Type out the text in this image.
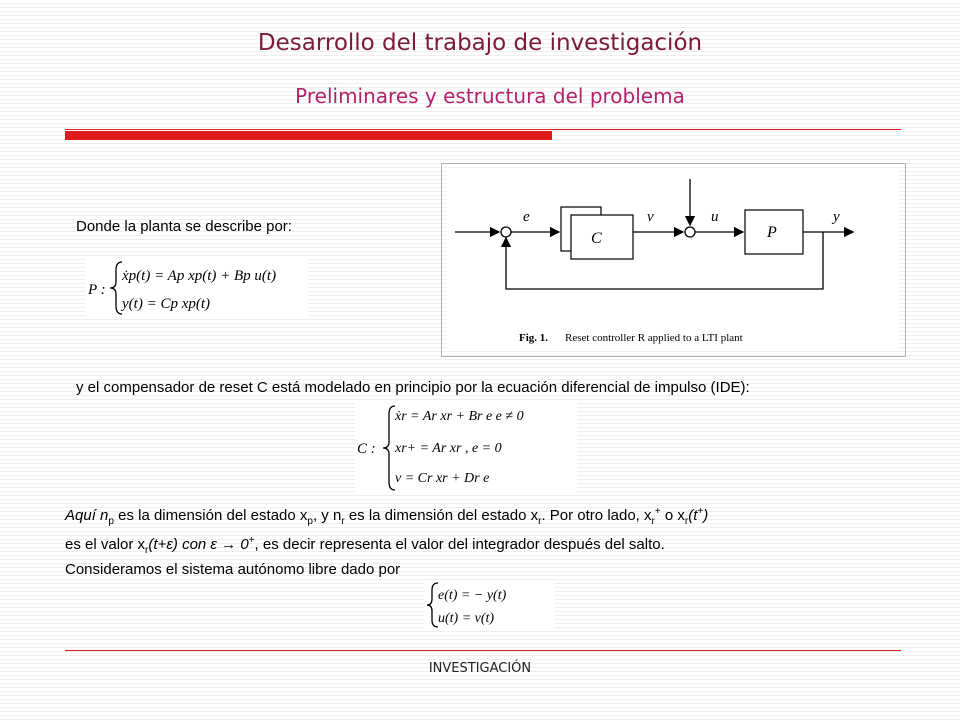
Desarrollo del trabajo de investigación
Preliminares y estructura del problema
Donde la planta se describe por:
P :
ẋp(t) = Ap xp(t) + Bp u(t)
y(t) = Cp xp(t)
e
C
v	u
P
y
Fig. 1. Reset controller R applied to a LTI plant
y el compensador de reset C está modelado en principio por la ecuación diferencial de impulso (IDE):
C :
ẋr = Ar xr + Br e e ≠ 0
xr+ = Ar xr , e = 0
v = Cr xr + Dr e
Aquí $n_p$ es la dimensión del estado $x_p$, y $n_r$ es la dimensión del estado $x_r$. Por otro lado, $x_r^+$ o $x_r(t^+)$
es el valor $x_r(t+\varepsilon)$ con ε → 0+, es decir representa el valor del integrador después del salto.
Consideramos el sistema autónomo libre dado por
e(t) = − y(t)
u(t) = v(t)
INVESTIGACIÓN
